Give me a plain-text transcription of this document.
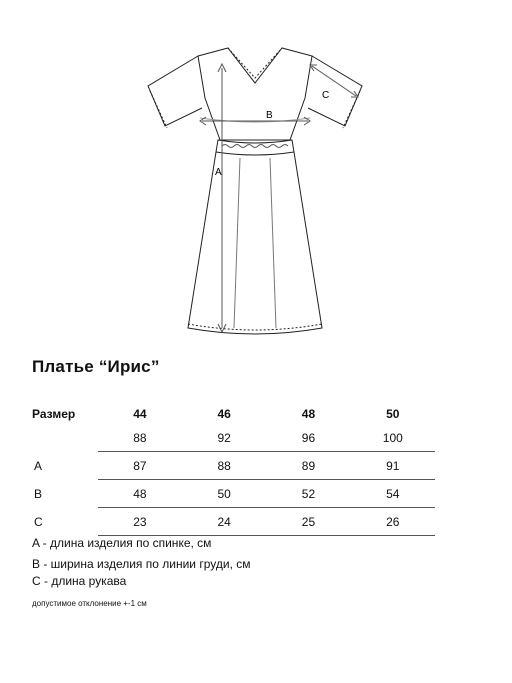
A
B
C
Платье “Ирис”
Размер	44	46	48	50
	88	92	96	100
A	87	88	89	91
B	48	50	52	54
C	23	24	25	26
A - длина изделия по спинке, см
B - ширина изделия по линии груди, см
C - длина рукава
допустимое отклонение +-1 см
